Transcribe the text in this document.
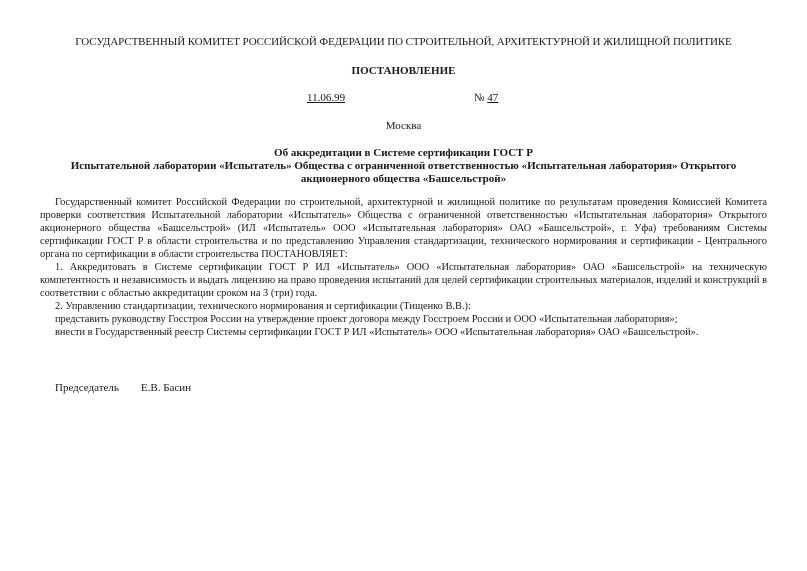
ГОСУДАРСТВЕННЫЙ КОМИТЕТ РОССИЙСКОЙ ФЕДЕРАЦИИ ПО СТРОИТЕЛЬНОЙ, АРХИТЕКТУРНОЙ И ЖИЛИЩНОЙ ПОЛИТИКЕ
ПОСТАНОВЛЕНИЕ
11.06.99	№ 47
Москва
Об аккредитации в Системе сертификации ГОСТ Р
Испытательной лаборатории «Испытатель» Общества с ограниченной ответственностью «Испытательная лаборатория» Открытого акционерного общества «Башсельстрой»

Государственный комитет Российской Федерации по строительной, архитектурной и жилищной политике по результатам проведения Комиссией Комитета проверки соответствия Испытательной лаборатории «Испытатель» Общества с ограниченной ответственностью «Испытательная лаборатория» Открытого акционерного общества «Башсельстрой» (ИЛ «Испытатель» ООО «Испытательная лаборатория» ОАО «Башсельстрой», г. Уфа) требованиям Системы сертификации ГОСТ Р в области строительства и по представлению Управления стандартизации, технического нормирования и сертификации - Центрального органа по сертификации в области строительства ПОСТАНОВЛЯЕТ:

1. Аккредитовать в Системе сертификации ГОСТ Р ИЛ «Испытатель» ООО «Испытательная лаборатория» ОАО «Башсельстрой» на техническую компетентность и независимость и выдать лицензию на право проведения испытаний для целей сертификации строительных материалов, изделий и конструкций в соответствии с областью аккредитации сроком на 3 (три) года.

2. Управлению стандартизации, технического нормирования и сертификации (Тищенко В.В.):

представить руководству Госстроя России на утверждение проект договора между Госстроем России и ООО «Испытательная лаборатория»;

внести в Государственный реестр Системы сертификации ГОСТ Р ИЛ «Испытатель» ООО «Испытательная лаборатория» ОАО «Башсельстрой».

Председатель Е.В. Басин
